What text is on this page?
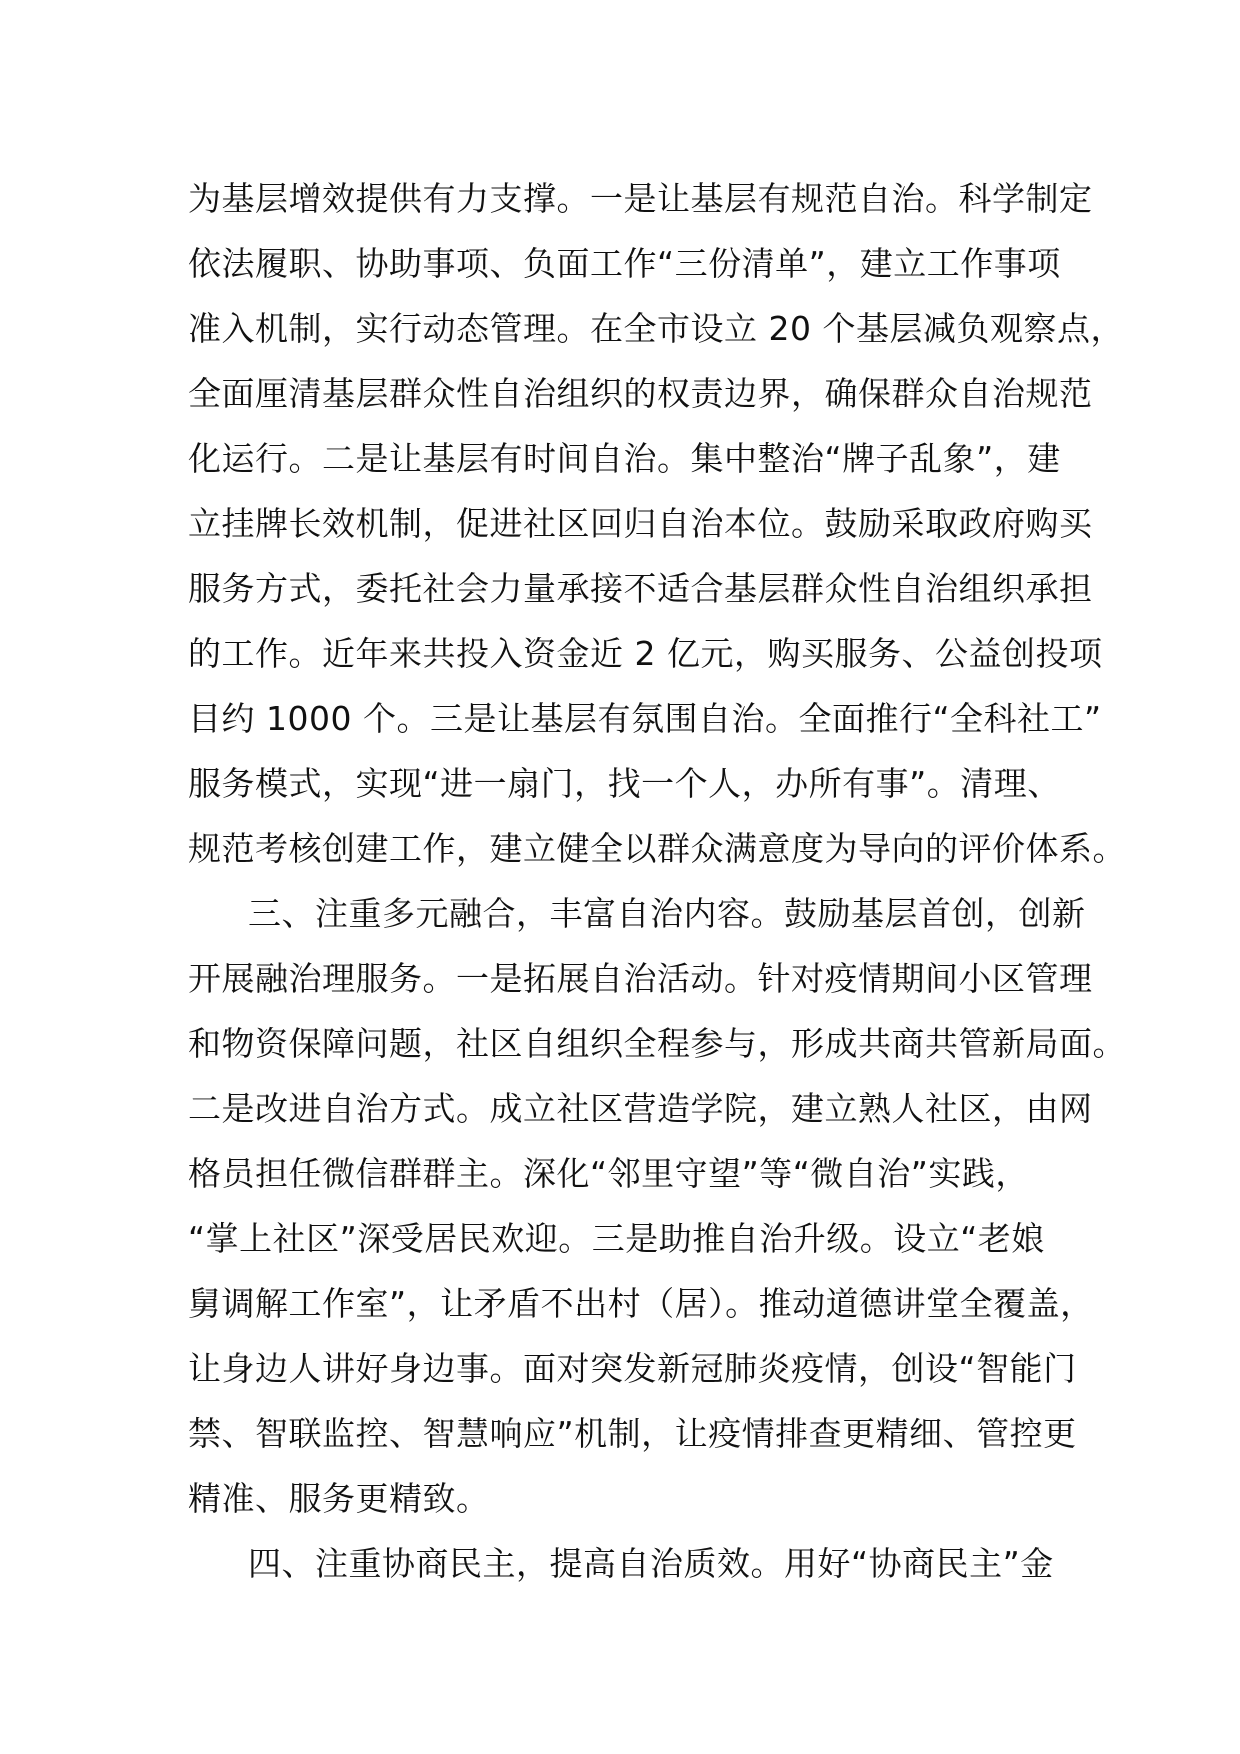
为基层增效提供有力支撑。一是让基层有规范自治。科学制定
依法履职、协助事项、负面工作“三份清单”，建立工作事项
准入机制，实行动态管理。在全市设立 20 个基层减负观察点，
全面厘清基层群众性自治组织的权责边界，确保群众自治规范
化运行。二是让基层有时间自治。集中整治“牌子乱象”，建
立挂牌长效机制，促进社区回归自治本位。鼓励采取政府购买
服务方式，委托社会力量承接不适合基层群众性自治组织承担
的工作。近年来共投入资金近 2 亿元，购买服务、公益创投项
目约 1000 个。三是让基层有氛围自治。全面推行“全科社工”
服务模式，实现“进一扇门，找一个人，办所有事”。清理、
规范考核创建工作，建立健全以群众满意度为导向的评价体系。
三、注重多元融合，丰富自治内容。鼓励基层首创，创新
开展融治理服务。一是拓展自治活动。针对疫情期间小区管理
和物资保障问题，社区自组织全程参与，形成共商共管新局面。
二是改进自治方式。成立社区营造学院，建立熟人社区，由网
格员担任微信群群主。深化“邻里守望”等“微自治”实践，
“掌上社区”深受居民欢迎。三是助推自治升级。设立“老娘
舅调解工作室”，让矛盾不出村（居）。推动道德讲堂全覆盖，
让身边人讲好身边事。面对突发新冠肺炎疫情，创设“智能门
禁、智联监控、智慧响应”机制，让疫情排查更精细、管控更
精准、服务更精致。
四、注重协商民主，提高自治质效。用好“协商民主”金
